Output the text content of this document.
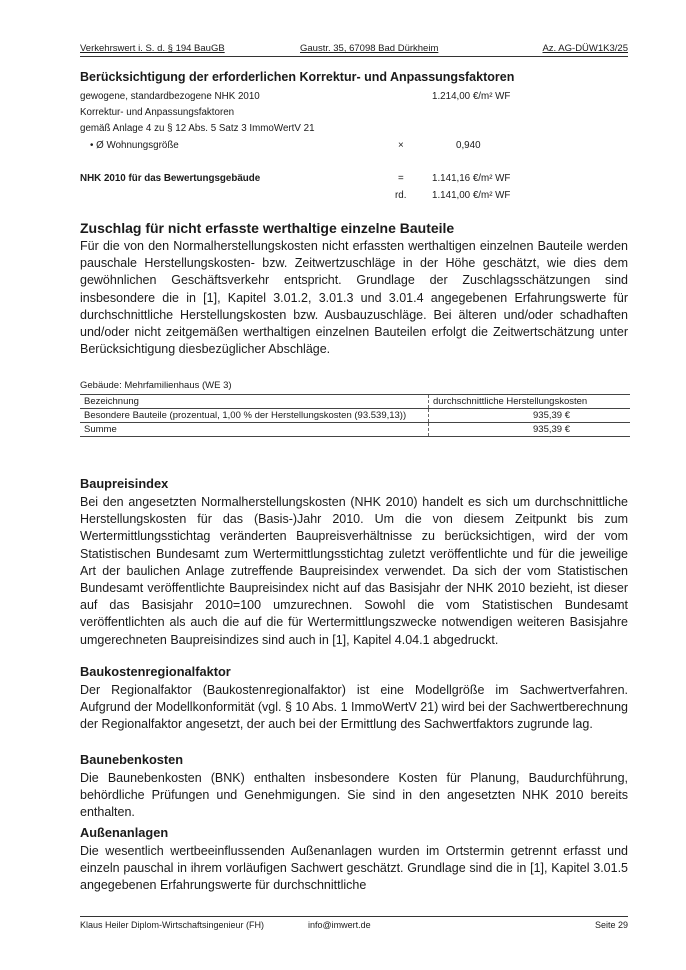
Verkehrswert i. S. d. § 194 BauGB	Gaustr. 35, 67098 Bad Dürkheim	Az. AG-DÜW1K3/25
Berücksichtigung der erforderlichen Korrektur- und Anpassungsfaktoren
gewogene, standardbezogene NHK 2010	1.214,00 €/m² WF
Korrektur- und Anpassungsfaktoren
gemäß Anlage 4 zu § 12 Abs. 5 Satz 3 ImmoWertV 21
• Ø Wohnungsgröße	×	0,940
NHK 2010 für das Bewertungsgebäude	=	1.141,16 €/m² WF
rd.	1.141,00 €/m² WF
Zuschlag für nicht erfasste werthaltige einzelne Bauteile

Für die von den Normalherstellungskosten nicht erfassten werthaltigen einzelnen Bauteile werden pauschale Herstellungskosten- bzw. Zeitwertzuschläge in der Höhe geschätzt, wie dies dem gewöhnlichen Geschäftsverkehr entspricht. Grundlage der Zuschlagsschätzungen sind insbesondere die in [1], Kapitel 3.01.2, 3.01.3 und 3.01.4 angegebenen Erfahrungswerte für durchschnittliche Herstellungskosten bzw. Ausbauzuschläge. Bei älteren und/oder schadhaften und/oder nicht zeitgemäßen werthaltigen einzelnen Bauteilen erfolgt die Zeitwertschätzung unter Berücksichtigung diesbezüglicher Abschläge.

Gebäude: Mehrfamilienhaus (WE 3)
Bezeichnung	durchschnittliche Herstellungskosten
Besondere Bauteile (prozentual, 1,00 % der Herstellungskosten (93.539,13))	935,39 €
Summe	935,39 €
Baupreisindex

Bei den angesetzten Normalherstellungskosten (NHK 2010) handelt es sich um durchschnittliche Herstellungskosten für das (Basis-)Jahr 2010. Um die von diesem Zeitpunkt bis zum Wertermittlungsstichtag veränderten Baupreisverhältnisse zu berücksichtigen, wird der vom Statistischen Bundesamt zum Wertermittlungsstichtag zuletzt veröffentlichte und für die jeweilige Art der baulichen Anlage zutreffende Baupreisindex verwendet. Da sich der vom Statistischen Bundesamt veröffentlichte Baupreisindex nicht auf das Basisjahr der NHK 2010 bezieht, ist dieser auf das Basisjahr 2010=100 umzurechnen. Sowohl die vom Statistischen Bundesamt veröffentlichten als auch die auf die für Wertermittlungszwecke notwendigen weiteren Basisjahre umgerechneten Baupreisindizes sind auch in [1], Kapitel 4.04.1 abgedruckt.

Baukostenregionalfaktor

Der Regionalfaktor (Baukostenregionalfaktor) ist eine Modellgröße im Sachwertverfahren. Aufgrund der Modellkonformität (vgl. § 10 Abs. 1 ImmoWertV 21) wird bei der Sachwertberechnung der Regionalfaktor angesetzt, der auch bei der Ermittlung des Sachwertfaktors zugrunde lag.

Baunebenkosten

Die Baunebenkosten (BNK) enthalten insbesondere Kosten für Planung, Baudurchführung, behördliche Prüfungen und Genehmigungen. Sie sind in den angesetzten NHK 2010 bereits enthalten.

Außenanlagen

Die wesentlich wertbeeinflussenden Außenanlagen wurden im Ortstermin getrennt erfasst und einzeln pauschal in ihrem vorläufigen Sachwert geschätzt. Grundlage sind die in [1], Kapitel 3.01.5 angegebenen Erfahrungswerte für durchschnittliche

Klaus Heiler Diplom-Wirtschaftsingenieur (FH)	info@imwert.de	Seite 29
